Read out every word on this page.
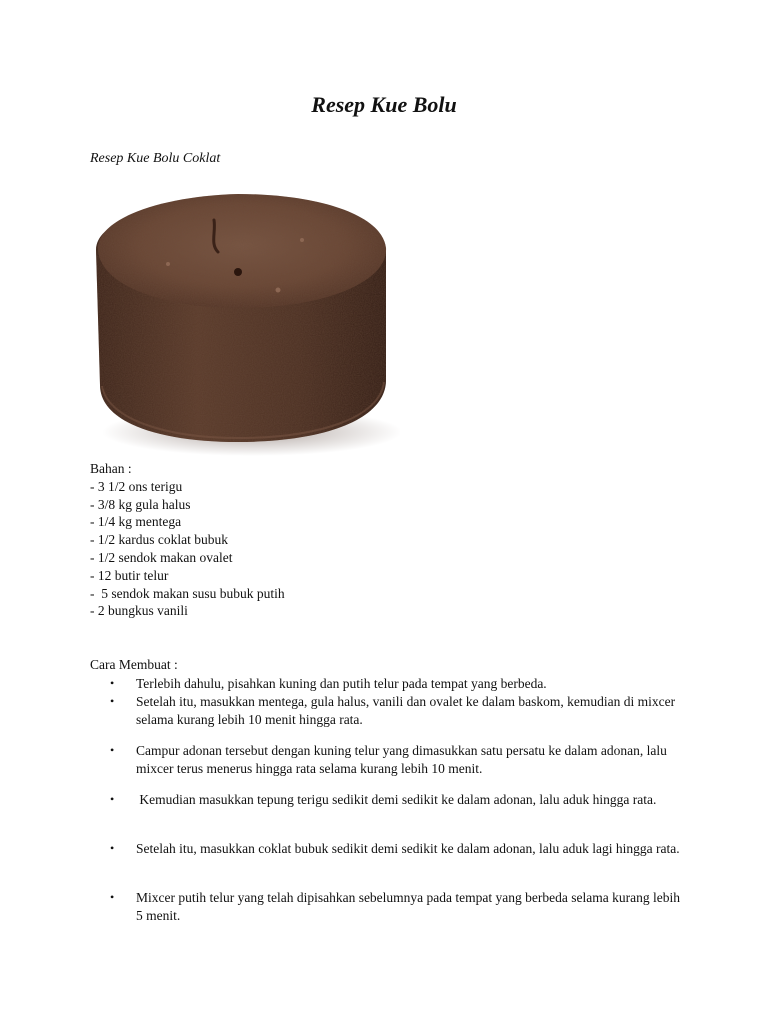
Resep Kue Bolu

Resep Kue Bolu Coklat

Bahan :
- 3 1/2 ons terigu
- 3/8 kg gula halus
- 1/4 kg mentega
- 1/2 kardus coklat bubuk
- 1/2 sendok makan ovalet
- 12 butir telur
-  5 sendok makan susu bubuk putih
- 2 bungkus vanili

Cara Membuat :

•	Terlebih dahulu, pisahkan kuning dan putih telur pada tempat yang berbeda.
•	Setelah itu, masukkan mentega, gula halus, vanili dan ovalet ke dalam baskom, kemudian di mixcer selama kurang lebih 10 menit hingga rata.
•	Campur adonan tersebut dengan kuning telur yang dimasukkan satu persatu ke dalam adonan, lalu mixcer terus menerus hingga rata selama kurang lebih 10 menit.
•	Kemudian masukkan tepung terigu sedikit demi sedikit ke dalam adonan, lalu aduk hingga rata.
•	Setelah itu, masukkan coklat bubuk sedikit demi sedikit ke dalam adonan, lalu aduk lagi hingga rata.
•	Mixcer putih telur yang telah dipisahkan sebelumnya pada tempat yang berbeda selama kurang lebih 5 menit.
